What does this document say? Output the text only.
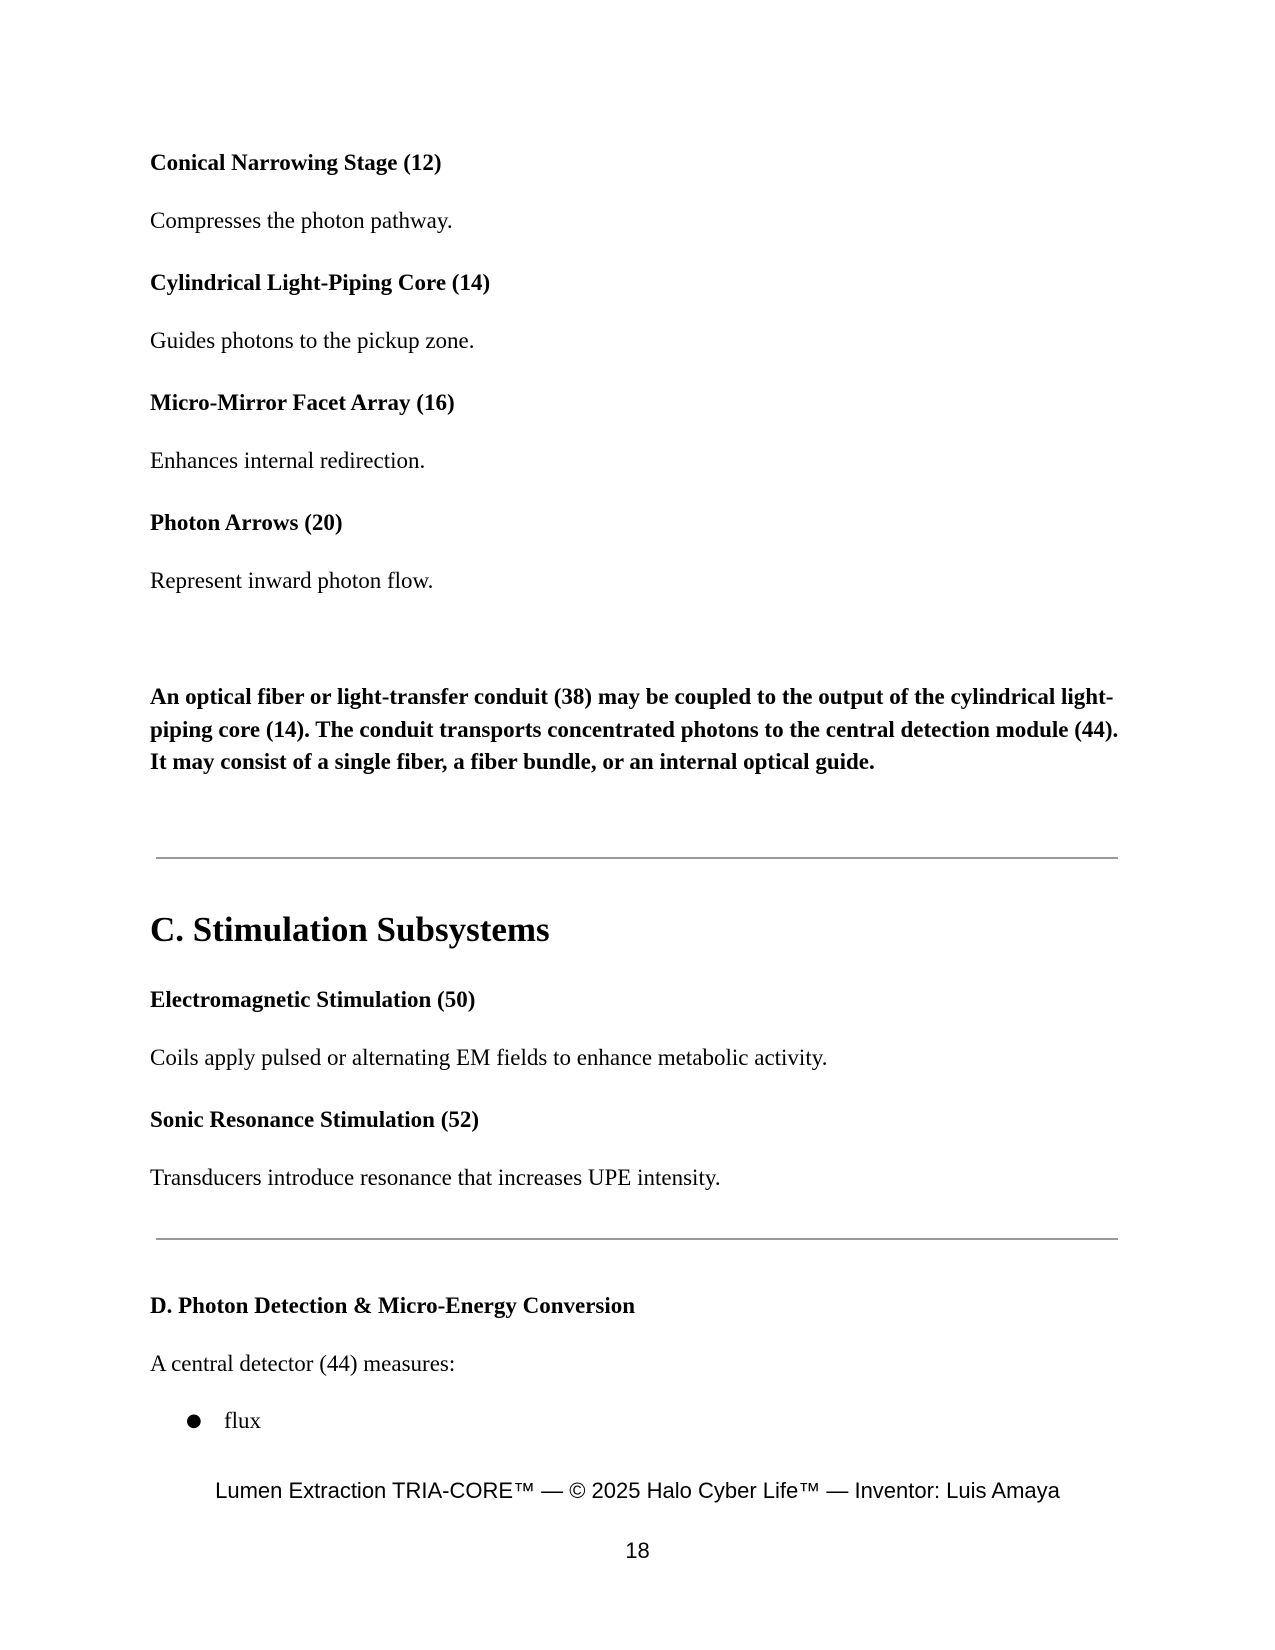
Conical Narrowing Stage (12)
Compresses the photon pathway.
Cylindrical Light-Piping Core (14)
Guides photons to the pickup zone.
Micro-Mirror Facet Array (16)
Enhances internal redirection.
Photon Arrows (20)
Represent inward photon flow.
An optical fiber or light-transfer conduit (38) may be coupled to the output of the cylindrical light-piping core (14). The conduit transports concentrated photons to the central detection module (44). It may consist of a single fiber, a fiber bundle, or an internal optical guide.
C. Stimulation Subsystems
Electromagnetic Stimulation (50)
Coils apply pulsed or alternating EM fields to enhance metabolic activity.
Sonic Resonance Stimulation (52)
Transducers introduce resonance that increases UPE intensity.
D. Photon Detection & Micro-Energy Conversion
A central detector (44) measures:
● flux
Lumen Extraction TRIA-CORE™ — © 2025 Halo Cyber Life™ — Inventor: Luis Amaya
18
